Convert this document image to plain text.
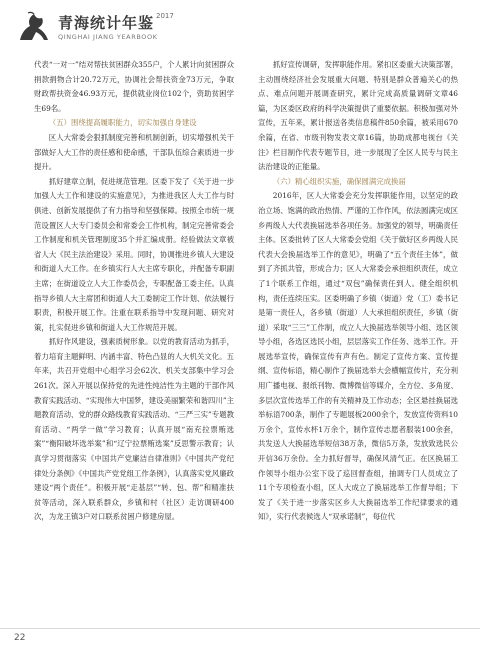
青海统计年鉴 2017
QINGHAI JIANG YEARBOOK

代表“一对一”结对帮扶贫困群众355户，个人累计向贫困群众捐款捐物合计20.72万元，协调社会帮扶资金73万元，争取财政帮扶资金46.93万元，提供就业岗位102个，资助贫困学生69名。

（五）围绕提高履职能力，切实加强自身建设

区人大常委会狠抓制度完善和机制创新，切实增强机关干部做好人大工作的责任感和使命感，干部队伍综合素质进一步提升。

抓好建章立制，促进规范管理。区委下发了《关于进一步加强人大工作和建设的实施意见》，为推进我区人大工作与时俱进、创新发展提供了有力指导和坚强保障。按照全市统一规范设置区人大专门委员会和常委会工作机构，制定完善常委会工作制度和机关管理制度35个并汇编成册。经验做法文章被省人大《民主法治建设》采用。同时，协调推进乡镇人大建设和街道人大工作。在乡镇实行人大主席专职化，并配备专职副主席；在街道设立人大工作委员会，专职配备工委主任。认真指导乡镇人大主席团和街道人大工委制定工作计划、依法履行职责，积极开展工作。注重在联系指导中发现问题、研究对策，扎实促进乡镇和街道人大工作规范开展。

抓好作风建设，强素质树形象。以党的教育活动为抓手，着力培育主题鲜明、内涵丰富、特色凸显的人大机关文化。五年来，共召开党组中心组学习会62次、机关支部集中学习会261次。深入开展以保持党的先进性纯洁性为主题的干部作风教育实践活动、“实现伟大中国梦，建设美丽繁荣和谐四川”主题教育活动、党的群众路线教育实践活动、“三严三实”专题教育活动、“两学一做”学习教育；认真开展“南充拉票贿选案”“衡阳破坏选举案”和“辽宁拉票贿选案”反思警示教育；认真学习贯彻落实《中国共产党廉洁自律准则》《中国共产党纪律处分条例》《中国共产党党组工作条例》，认真落实党风廉政建设“两个责任”。积极开展“走基层”“转、包、帮”和精准扶贫等活动，深入联系群众，乡镇和村（社区）走访调研400次，为龙王镇3户对口联系贫困户修建房屋。

抓好宣传调研，发挥职能作用。紧扣区委重大决策部署，主动围绕经济社会发展重大问题、特别是群众普遍关心的热点、难点问题开展调查研究，累计完成高质量调研文章46篇，为区委区政府的科学决策提供了重要依据。积极加强对外宣传，五年来，累计报送各类信息稿件850余篇，被采用670余篇，在省、市级刊物发表文章16篇，协助成都电视台《关注》栏目制作代表专题节目，进一步展现了全区人民专与民主法治建设的正能量。

（六）精心组织实施，确保圆满完成换届

2016年，区人大常委会充分发挥职能作用，以坚定的政治立场、饱满的政治热情、严谨的工作作风，依法圆满完成区乡两级人大代表换届选举各项任务。加强党的领导，明确责任主体。区委批转了区人大常委会党组《关于做好区乡两级人民代表大会换届选举工作的意见》，明确了“五个责任主体”，做到了齐抓共管，形成合力；区人大常委会承担组织责任，成立了1个联系工作组，通过“双包”确保责任到人。健全组织机构，责任连续压实。区委明确了乡镇（街道）党（工）委书记是第一责任人，各乡镇（街道）人大承担组织责任，乡镇（街道）采取“三三”工作制，成立人大换届选举领导小组、选区领导小组，各选区选民小组，层层落实工作任务、选举工作。开展选举宣传，确保宣传有声有色。制定了宣传方案、宣传提纲、宣传标语，精心制作了换届选举大会横幅宣传片，充分利用广播电视、报纸刊物、微博微信等媒介，全方位、多角度、多层次宣传选举工作的有关精神及工作动态；全区悬挂换届选举标语700条，制作了专题展板2000余个，发放宣传资料10万余个，宣传水杯1万余个，制作宣传志愿者服装100余套，共发送人大换届选举短信38万条，微信5万条，发放致选民公开信36万余份。全力抓好督导，确保风清气正。在区换届工作领导小组办公室下设了巡回督查组，抽调专门人员成立了11个专项检查小组，区人大成立了换届选举工作督导组；下发了《关于进一步落实区乡人大换届选举工作纪律要求的通知》，实行代表候选人“双承诺制”，每位代

22
